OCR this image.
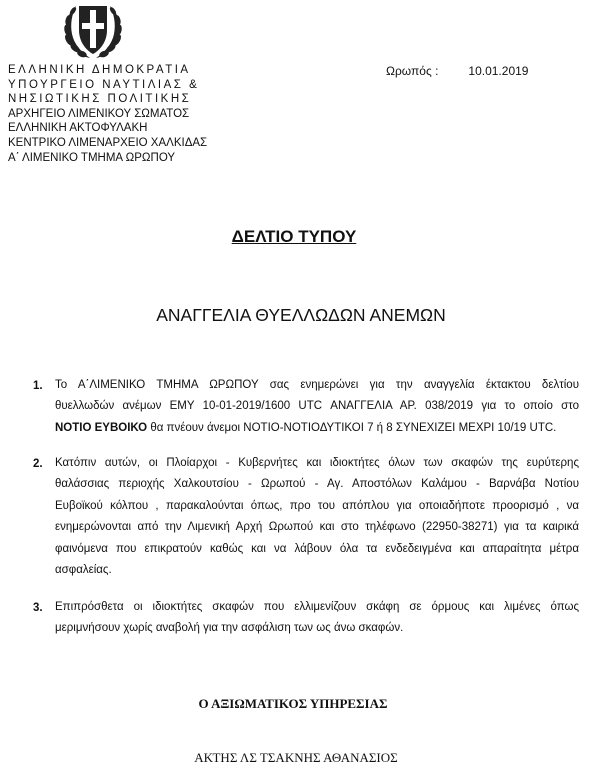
ΕΛΛΗΝΙΚΗ ΔΗΜΟΚΡΑΤΙΑ
ΥΠΟΥΡΓΕΙΟ ΝΑΥΤΙΛΙΑΣ &
ΝΗΣΙΩΤΙΚΗΣ ΠΟΛΙΤΙΚΗΣ
ΑΡΧΗΓΕΙΟ ΛΙΜΕΝΙΚΟΥ ΣΩΜΑΤΟΣ
ΕΛΛΗΝΙΚΗ ΑΚΤΟΦΥΛΑΚΗ
ΚΕΝΤΡΙΚΟ ΛΙΜΕΝΑΡΧΕΙΟ ΧΑΛΚΙΔΑΣ
Α΄ ΛΙΜΕΝΙΚΟ ΤΜΗΜΑ ΩΡΩΠΟΥ
Ωρωπός :	10.01.2019
ΔΕΛΤΙΟ ΤΥΠΟΥ
ΑΝΑΓΓΕΛΙΑ ΘΥΕΛΛΩΔΩΝ ΑΝΕΜΩΝ
1. Το Α΄ΛΙΜΕΝΙΚΟ ΤΜΗΜΑ ΩΡΩΠΟΥ σας ενημερώνει για την αναγγελία έκτακτου δελτίου
θυελλωδών ανέμων ΕΜΥ 10-01-2019/1600 UTC ΑΝΑΓΓΕΛΙΑ ΑΡ. 038/2019 για το οποίο στο
NOTIO ΕΥΒΟΙΚΟ θα πνέουν άνεμοι ΝΟΤΙΟ-ΝΟΤΙΟΔΥΤΙΚΟΙ 7 ή 8 ΣΥΝΕΧΙΖΕΙ ΜΕΧΡΙ 10/19 UTC.
2. Κατόπιν αυτών, οι Πλοίαρχοι - Κυβερνήτες και ιδιοκτήτες όλων των σκαφών της ευρύτερης
θαλάσσιας περιοχής Χαλκουτσίου - Ωρωπού - Αγ. Αποστόλων Καλάμου - Βαρνάβα Νοτίου
Ευβοϊκού κόλπου , παρακαλούνται όπως, προ του απόπλου για οποιαδήποτε προορισμό , να
ενημερώνονται από την Λιμενική Αρχή Ωρωπού και στο τηλέφωνο (22950-38271) για τα καιρικά
φαινόμενα που επικρατούν καθώς και να λάβουν όλα τα ενδεδειγμένα και απαραίτητα μέτρα
ασφαλείας.
3. Επιπρόσθετα οι ιδιοκτήτες σκαφών που ελλιμενίζουν σκάφη σε όρμους και λιμένες όπως
μεριμνήσουν χωρίς αναβολή για την ασφάλιση των ως άνω σκαφών.
Ο ΑΞΙΩΜΑΤΙΚΟΣ ΥΠΗΡΕΣΙΑΣ
ΑΚΤΗΣ ΛΣ ΤΣΑΚΝΗΣ ΑΘΑΝΑΣΙΟΣ
